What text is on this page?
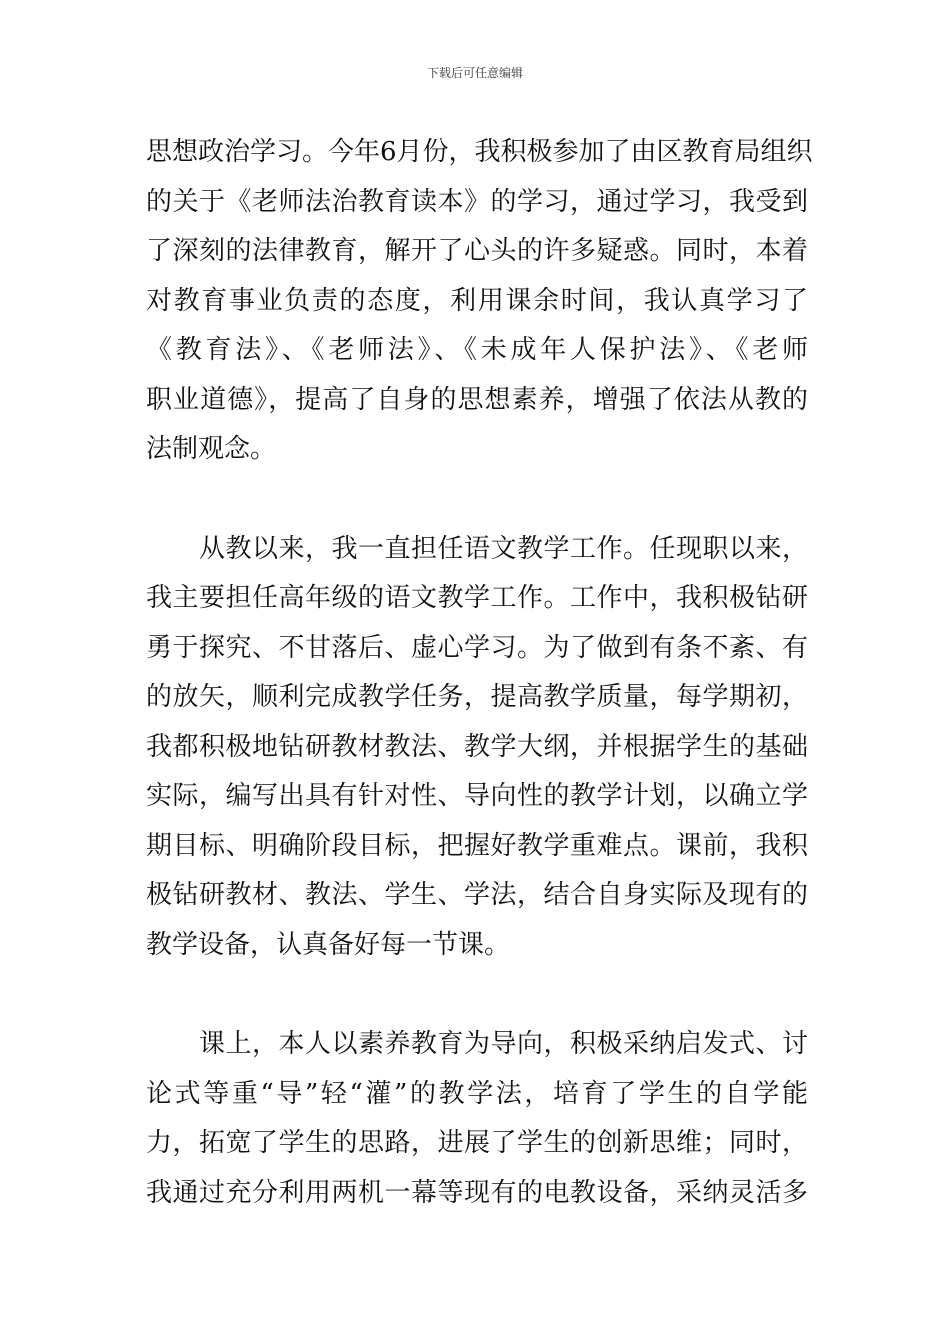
下载后可任意编辑
思想政治学习。今年6月份，我积极参加了由区教育局组织
的关于《老师法治教育读本》的学习，通过学习，我受到
了深刻的法律教育，解开了心头的许多疑惑。同时，本着
对教育事业负责的态度，利用课余时间，我认真学习了
《教育法》、《老师法》、《未成年人保护法》、《老师
职业道德》，提高了自身的思想素养，增强了依法从教的
法制观念。
　　从教以来，我一直担任语文教学工作。任现职以来，
我主要担任高年级的语文教学工作。工作中，我积极钻研
勇于探究、不甘落后、虚心学习。为了做到有条不紊、有
的放矢，顺利完成教学任务，提高教学质量，每学期初，
我都积极地钻研教材教法、教学大纲，并根据学生的基础
实际，编写出具有针对性、导向性的教学计划，以确立学
期目标、明确阶段目标，把握好教学重难点。课前，我积
极钻研教材、教法、学生、学法，结合自身实际及现有的
教学设备，认真备好每一节课。
　　课上，本人以素养教育为导向，积极采纳启发式、讨
论式等重“导”轻“灌”的教学法，培育了学生的自学能
力，拓宽了学生的思路，进展了学生的创新思维；同时，
我通过充分利用两机一幕等现有的电教设备，采纳灵活多
